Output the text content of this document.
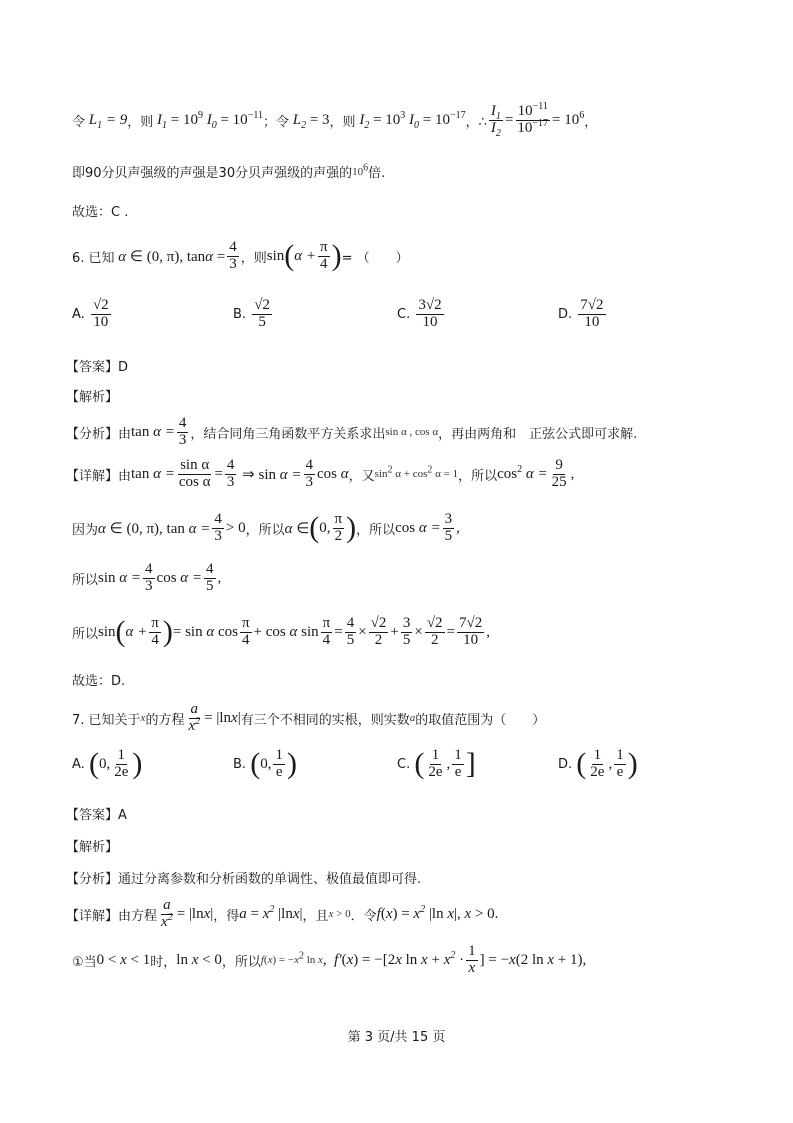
令 $L_1 = 9$ ，则 $I_1 = 10^9$ $I_0 = 10^{-11}$ ；令 $L_2 = 3$ ，则 $I_2 = 10^3$ $I_0 = 10^{-17}$ ，∴ $\frac{I_1}{I_2} = \frac{10^{-11}}{10^{-17}} = 10^6$ ，
即90分贝声强级的声强是30分贝声强级的声强的 $10^6$ 倍.
故选：C .
6. 已知 α ∈ (0, π), $\tan\alpha = \frac{4}{3}$ ，则 sin ( $\alpha + \frac{\pi}{4}$ ) = （　　）
A.
$\frac{√2}{10}$	B.
$\frac{√2}{5}$	C.
$\frac{3√2}{10}$	D.
$\frac{7√2}{10}$
【答案】D
【解析】
【分析】由 $\tan \alpha = \frac{4}{3}$ ，结合同角三角函数平方关系求出 sin α , cos α ，再由两角和　正弦公式即可求解.
【详解】由 $\tan \alpha = \frac{\text{sin α}}{\text{cos α}} = \frac{4}{3}$ ⇒ $\sin \alpha = \frac{4}{3}$ cos α ，又 $\sin^2 \alpha + \cos^2 \alpha = 1$ ，所以 $\cos^2 \alpha = \frac{9}{25}$ ,
因为 α ∈ (0, π), $\tan \alpha = \frac{4}{3} > 0$ ，所以 α ∈ ( 0, $\frac{\pi}{2}$ ) ，所以 $\cos \alpha = \frac{3}{5}$ ,
所以 $\sin \alpha = \frac{4}{3}$ $\cos \alpha = \frac{4}{5}$ ,
所以 sin ( $\alpha + \frac{\pi}{4}$ ) = sin α $\cos \frac{\pi}{4} + \cos \alpha$ $\sin \frac{\pi}{4} = \frac{4}{5} \times \frac{√2}{2} + \frac{3}{5} \times \frac{√2}{2} = \frac{7√2}{10}$ ,
故选：D.
7. 已知关于 x 的方程 $\frac{a}{x^2} = |\ln x|$ 有三个不相同的实根，则实数 a 的取值范围为（　　）
A.
( 0, $\frac{1}{2e}$ )	B.
( 0, $\frac{1}{e}$ )	C.
( $\frac{1}{2e}$ , $\frac{1}{e}$ ]	D.
( $\frac{1}{2e}$ , $\frac{1}{e}$ )
【答案】A
【解析】
【分析】通过分离参数和分析函数的单调性、极值最值即可得.
【详解】由方程 $\frac{a}{x^2} = |\ln x|$ ，得 $a = x^2$ |lnx| ，且 x > 0 ．令 $f(x) = x^2$ |ln x|, x > 0 .
①当 0 < x < 1 时， ln x < 0 ，所以 $f(x) = -x^2$ ln x , f′(x) = −[2x $\ln x + x^2 \cdot \frac{1}{x}$ ] = −x(2 ln x + 1),
第 3 页/共 15 页
